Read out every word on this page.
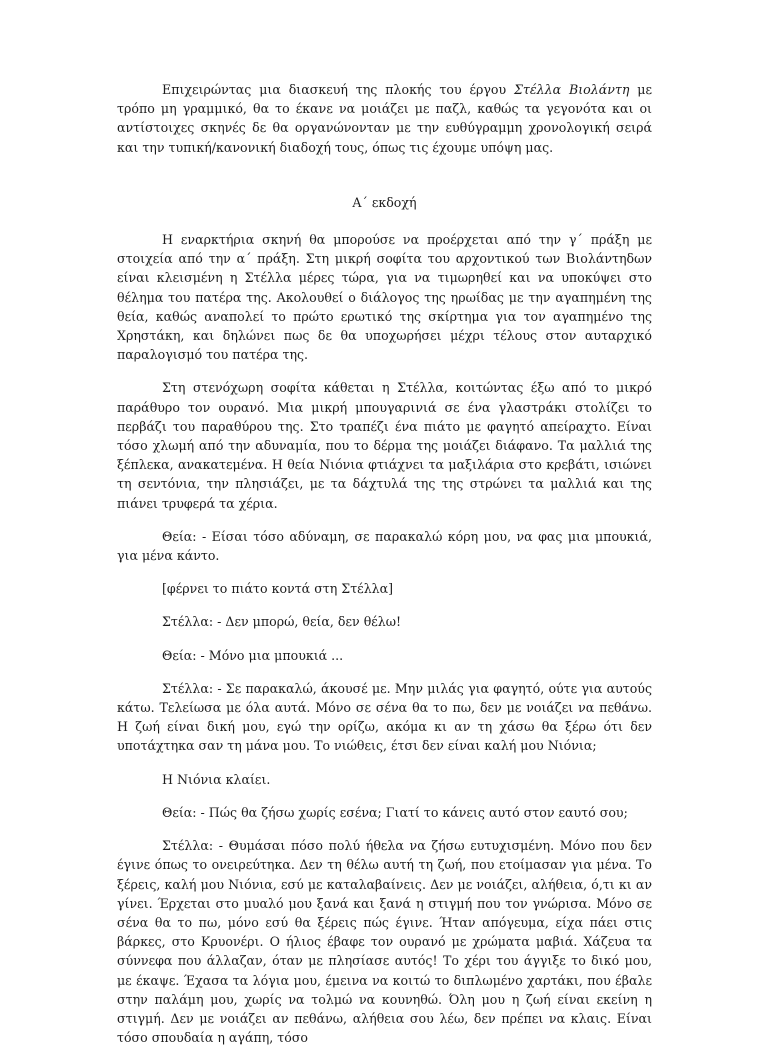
Επιχειρώντας μια διασκευή της πλοκής του έργου Στέλλα Βιολάντη με τρόπο μη γραμμικό, θα το έκανε να μοιάζει με παζλ, καθώς τα γεγονότα και οι αντίστοιχες σκηνές δε θα οργανώνονταν με την ευθύγραμμη χρονολογική σειρά και την τυπική/κανονική διαδοχή τους, όπως τις έχουμε υπόψη μας.

Α΄ εκδοχή

Η εναρκτήρια σκηνή θα μπορούσε να προέρχεται από την γ΄ πράξη με στοιχεία από την α΄ πράξη. Στη μικρή σοφίτα του αρχοντικού των Βιολάντηδων είναι κλεισμένη η Στέλλα μέρες τώρα, για να τιμωρηθεί και να υποκύψει στο θέλημα του πατέρα της. Ακολουθεί ο διάλογος της ηρωίδας με την αγαπημένη της θεία, καθώς αναπολεί το πρώτο ερωτικό της σκίρτημα για τον αγαπημένο της Χρηστάκη, και δηλώνει πως δε θα υποχωρήσει μέχρι τέλους στον αυταρχικό παραλογισμό του πατέρα της.

Στη στενόχωρη σοφίτα κάθεται η Στέλλα, κοιτώντας έξω από το μικρό παράθυρο τον ουρανό. Μια μικρή μπουγαρινιά σε ένα γλαστράκι στολίζει το περβάζι του παραθύρου της. Στο τραπέζι ένα πιάτο με φαγητό απείραχτο. Είναι τόσο χλωμή από την αδυναμία, που το δέρμα της μοιάζει διάφανο. Τα μαλλιά της ξέπλεκα, ανακατεμένα. Η θεία Νιόνια φτιάχνει τα μαξιλάρια στο κρεβάτι, ισιώνει τη σεντόνια, την πλησιάζει, με τα δάχτυλά της της στρώνει τα μαλλιά και της πιάνει τρυφερά τα χέρια.

Θεία: - Είσαι τόσο αδύναμη, σε παρακαλώ κόρη μου, να φας μια μπουκιά, για μένα κάντο.

[φέρνει το πιάτο κοντά στη Στέλλα]

Στέλλα: - Δεν μπορώ, θεία, δεν θέλω!

Θεία: - Μόνο μια μπουκιά ...

Στέλλα: - Σε παρακαλώ, άκουσέ με. Μην μιλάς για φαγητό, ούτε για αυτούς κάτω. Τελείωσα με όλα αυτά. Μόνο σε σένα θα το πω, δεν με νοιάζει να πεθάνω. Η ζωή είναι δική μου, εγώ την ορίζω, ακόμα κι αν τη χάσω θα ξέρω ότι δεν υποτάχτηκα σαν τη μάνα μου. Το νιώθεις, έτσι δεν είναι καλή μου Νιόνια;

Η Νιόνια κλαίει.

Θεία: - Πώς θα ζήσω χωρίς εσένα; Γιατί το κάνεις αυτό στον εαυτό σου;

Στέλλα: - Θυμάσαι πόσο πολύ ήθελα να ζήσω ευτυχισμένη. Μόνο που δεν έγινε όπως το ονειρεύτηκα. Δεν τη θέλω αυτή τη ζωή, που ετοίμασαν για μένα. Το ξέρεις, καλή μου Νιόνια, εσύ με καταλαβαίνεις. Δεν με νοιάζει, αλήθεια, ό,τι κι αν γίνει. Έρχεται στο μυαλό μου ξανά και ξανά η στιγμή που τον γνώρισα. Μόνο σε σένα θα το πω, μόνο εσύ θα ξέρεις πώς έγινε. Ήταν απόγευμα, είχα πάει στις βάρκες, στο Κρυονέρι. Ο ήλιος έβαφε τον ουρανό με χρώματα μαβιά. Χάζευα τα σύννεφα που άλλαζαν, όταν με πλησίασε αυτός! Το χέρι του άγγιξε το δικό μου, με έκαψε. Έχασα τα λόγια μου, έμεινα να κοιτώ το διπλωμένο χαρτάκι, που έβαλε στην παλάμη μου, χωρίς να τολμώ να κουνηθώ. Όλη μου η ζωή είναι εκείνη η στιγμή. Δεν με νοιάζει αν πεθάνω, αλήθεια σου λέω, δεν πρέπει να κλαις. Είναι τόσο σπουδαία η αγάπη, τόσο
